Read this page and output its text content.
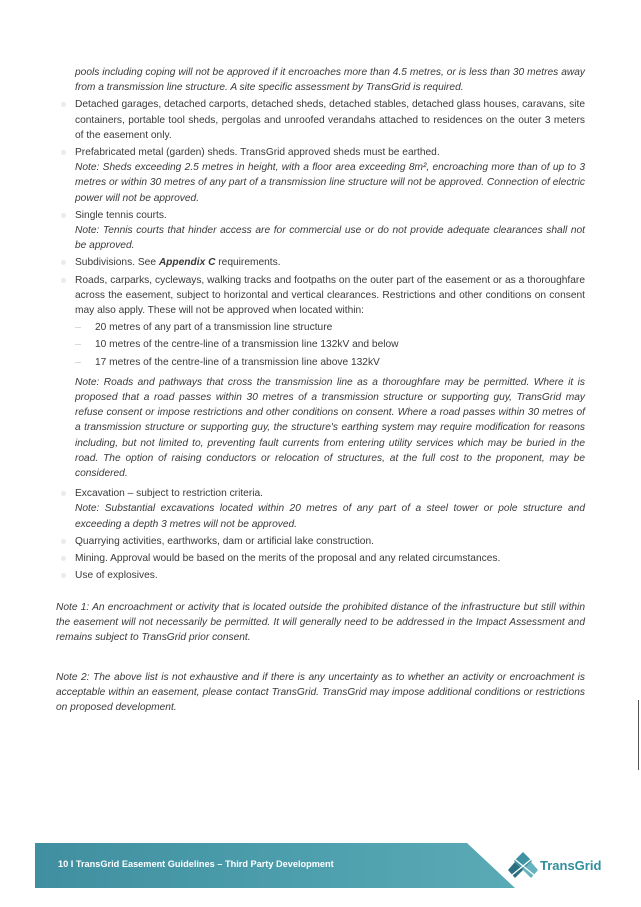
pools including coping will not be approved if it encroaches more than 4.5 metres, or is less than 30 metres away from a transmission line structure. A site specific assessment by TransGrid is required.

Detached garages, detached carports, detached sheds, detached stables, detached glass houses, caravans, site containers, portable tool sheds, pergolas and unroofed verandahs attached to residences on the outer 3 meters of the easement only.

Prefabricated metal (garden) sheds. TransGrid approved sheds must be earthed.

Note: Sheds exceeding 2.5 metres in height, with a floor area exceeding 8m², encroaching more than of up to 3 metres or within 30 metres of any part of a transmission line structure will not be approved. Connection of electric power will not be approved.

Single tennis courts.

Note: Tennis courts that hinder access are for commercial use or do not provide adequate clearances shall not be approved.

Subdivisions. See Appendix C requirements.

Roads, carparks, cycleways, walking tracks and footpaths on the outer part of the easement or as a thoroughfare across the easement, subject to horizontal and vertical clearances. Restrictions and other conditions on consent may also apply. These will not be approved when located within:

20 metres of any part of a transmission line structure

10 metres of the centre-line of a transmission line 132kV and below

17 metres of the centre-line of a transmission line above 132kV

Note: Roads and pathways that cross the transmission line as a thoroughfare may be permitted. Where it is proposed that a road passes within 30 metres of a transmission structure or supporting guy, TransGrid may refuse consent or impose restrictions and other conditions on consent. Where a road passes within 30 metres of a transmission structure or supporting guy, the structure's earthing system may require modification for reasons including, but not limited to, preventing fault currents from entering utility services which may be buried in the road. The option of raising conductors or relocation of structures, at the full cost to the proponent, may be considered.

Excavation – subject to restriction criteria.

Note: Substantial excavations located within 20 metres of any part of a steel tower or pole structure and exceeding a depth 3 metres will not be approved.

Quarrying activities, earthworks, dam or artificial lake construction.

Mining. Approval would be based on the merits of the proposal and any related circumstances.

Use of explosives.

Note 1: An encroachment or activity that is located outside the prohibited distance of the infrastructure but still within the easement will not necessarily be permitted. It will generally need to be addressed in the Impact Assessment and remains subject to TransGrid prior consent.

Note 2: The above list is not exhaustive and if there is any uncertainty as to whether an activity or encroachment is acceptable within an easement, please contact TransGrid. TransGrid may impose additional conditions or restrictions on proposed development.

10 I TransGrid Easement Guidelines – Third Party Development	TransGrid
